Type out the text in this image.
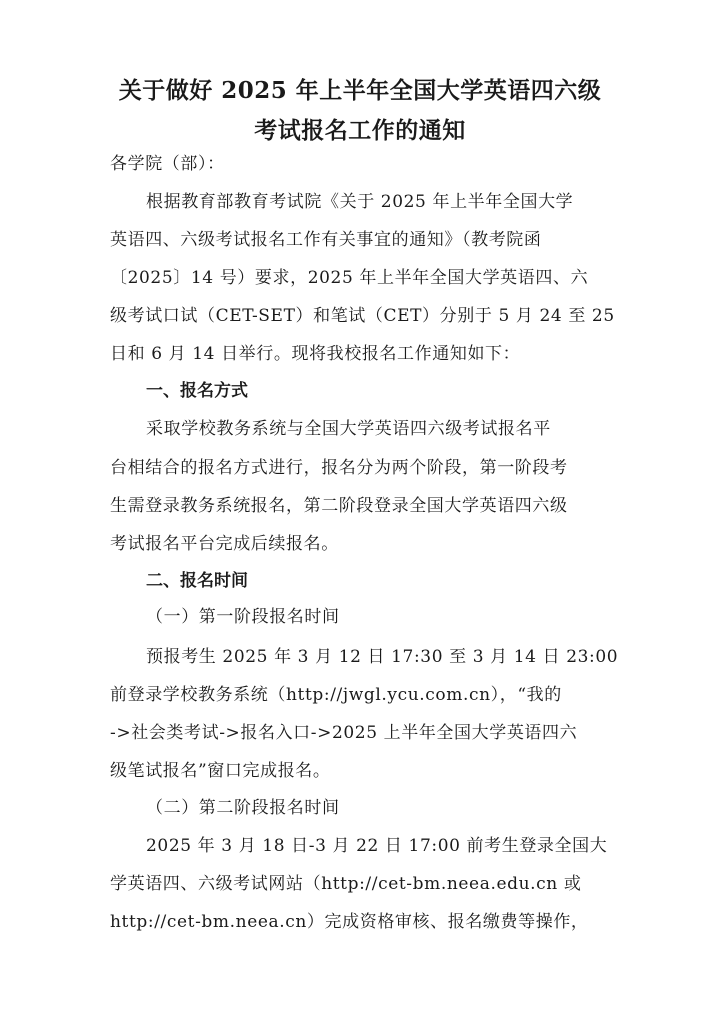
关于做好 2025 年上半年全国大学英语四六级
考试报名工作的通知
各学院（部）：
根据教育部教育考试院《关于 2025 年上半年全国大学
英语四、六级考试报名工作有关事宜的通知》（教考院函
〔2025〕14 号）要求，2025 年上半年全国大学英语四、六
级考试口试（CET-SET）和笔试（CET）分别于 5 月 24 至 25
日和 6 月 14 日举行。现将我校报名工作通知如下：
一、报名方式
采取学校教务系统与全国大学英语四六级考试报名平
台相结合的报名方式进行，报名分为两个阶段，第一阶段考
生需登录教务系统报名，第二阶段登录全国大学英语四六级
考试报名平台完成后续报名。
二、报名时间
（一）第一阶段报名时间
预报考生 2025 年 3 月 12 日 17:30 至 3 月 14 日 23:00
前登录学校教务系统（http://jwgl.ycu.com.cn），“我的
->社会类考试->报名入口->2025 上半年全国大学英语四六
级笔试报名”窗口完成报名。
（二）第二阶段报名时间
2025 年 3 月 18 日-3 月 22 日 17:00 前考生登录全国大
学英语四、六级考试网站（http://cet-bm.neea.edu.cn 或
http://cet-bm.neea.cn）完成资格审核、报名缴费等操作，
